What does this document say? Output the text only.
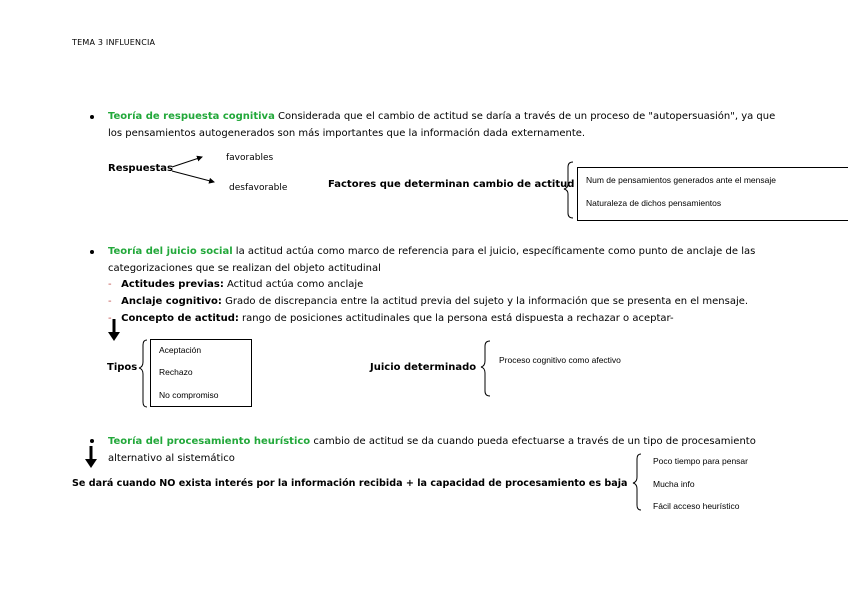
TEMA 3 INFLUENCIA
Teoría de respuesta cognitiva Considerada que el cambio de actitud se daría a través de un proceso de "autopersuasión", ya que
los pensamientos autogenerados son más importantes que la información dada externamente.
Respuestas
favorables
desfavorable	Factores que determinan cambio de actitud Num de pensamientos generados ante el mensaje
Naturaleza de dichos pensamientos
Teoría del juicio social la actitud actúa como marco de referencia para el juicio, específicamente como punto de anclaje de las
categorizaciones que se realizan del objeto actitudinal
- Actitudes previas: Actitud actúa como anclaje
- Anclaje cognitivo: Grado de discrepancia entre la actitud previa del sujeto y la información que se presenta en el mensaje.
- Concepto de actitud: rango de posiciones actitudinales que la persona está dispuesta a rechazar o aceptar-
Tipos
Aceptación
Rechazo
No compromiso
Juicio determinado
Proceso cognitivo como afectivo
Teoría del procesamiento heurístico cambio de actitud se da cuando pueda efectuarse a través de un tipo de procesamiento
alternativo al sistemático
Se dará cuando NO exista interés por la información recibida + la capacidad de procesamiento es baja
Poco tiempo para pensar
Mucha info
Fácil acceso heurístico
